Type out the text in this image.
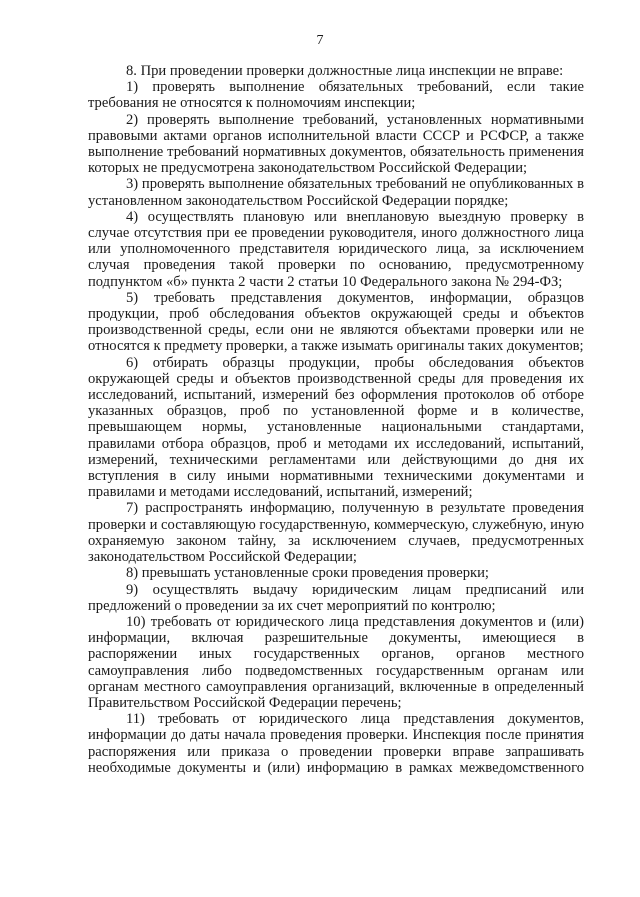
7

8. При проведении проверки должностные лица инспекции не вправе:

1) проверять выполнение обязательных требований, если такие требования не относятся к полномочиям инспекции;

2) проверять выполнение требований, установленных нормативными правовыми актами органов исполнительной власти СССР и РСФСР, а также выполнение требований нормативных документов, обязательность применения которых не предусмотрена законодательством Российской Федерации;

3) проверять выполнение обязательных требований не опубликованных в установленном законодательством Российской Федерации порядке;

4) осуществлять плановую или внеплановую выездную проверку в случае отсутствия при ее проведении руководителя, иного должностного лица или уполномоченного представителя юридического лица, за исключением случая проведения такой проверки по основанию, предусмотренному подпунктом «б» пункта 2 части 2 статьи 10 Федерального закона № 294-ФЗ;

5) требовать представления документов, информации, образцов продукции, проб обследования объектов окружающей среды и объектов производственной среды, если они не являются объектами проверки или не относятся к предмету проверки, а также изымать оригиналы таких документов;

6) отбирать образцы продукции, пробы обследования объектов окружающей среды и объектов производственной среды для проведения их исследований, испытаний, измерений без оформления протоколов об отборе указанных образцов, проб по установленной форме и в количестве, превышающем нормы, установленные национальными стандартами, правилами отбора образцов, проб и методами их исследований, испытаний, измерений, техническими регламентами или действующими до дня их вступления в силу иными нормативными техническими документами и правилами и методами исследований, испытаний, измерений;

7) распространять информацию, полученную в результате проведения проверки и составляющую государственную, коммерческую, служебную, иную охраняемую законом тайну, за исключением случаев, предусмотренных законодательством Российской Федерации;

8) превышать установленные сроки проведения проверки;

9) осуществлять выдачу юридическим лицам предписаний или предложений о проведении за их счет мероприятий по контролю;

10) требовать от юридического лица представления документов и (или) информации, включая разрешительные документы, имеющиеся в распоряжении иных государственных органов, органов местного самоуправления либо подведомственных государственным органам или органам местного самоуправления организаций, включенные в определенный Правительством Российской Федерации перечень;

11) требовать от юридического лица представления документов, информации до даты начала проведения проверки. Инспекция после принятия распоряжения или приказа о проведении проверки вправе запрашивать необходимые документы и (или) информацию в рамках межведомственного
